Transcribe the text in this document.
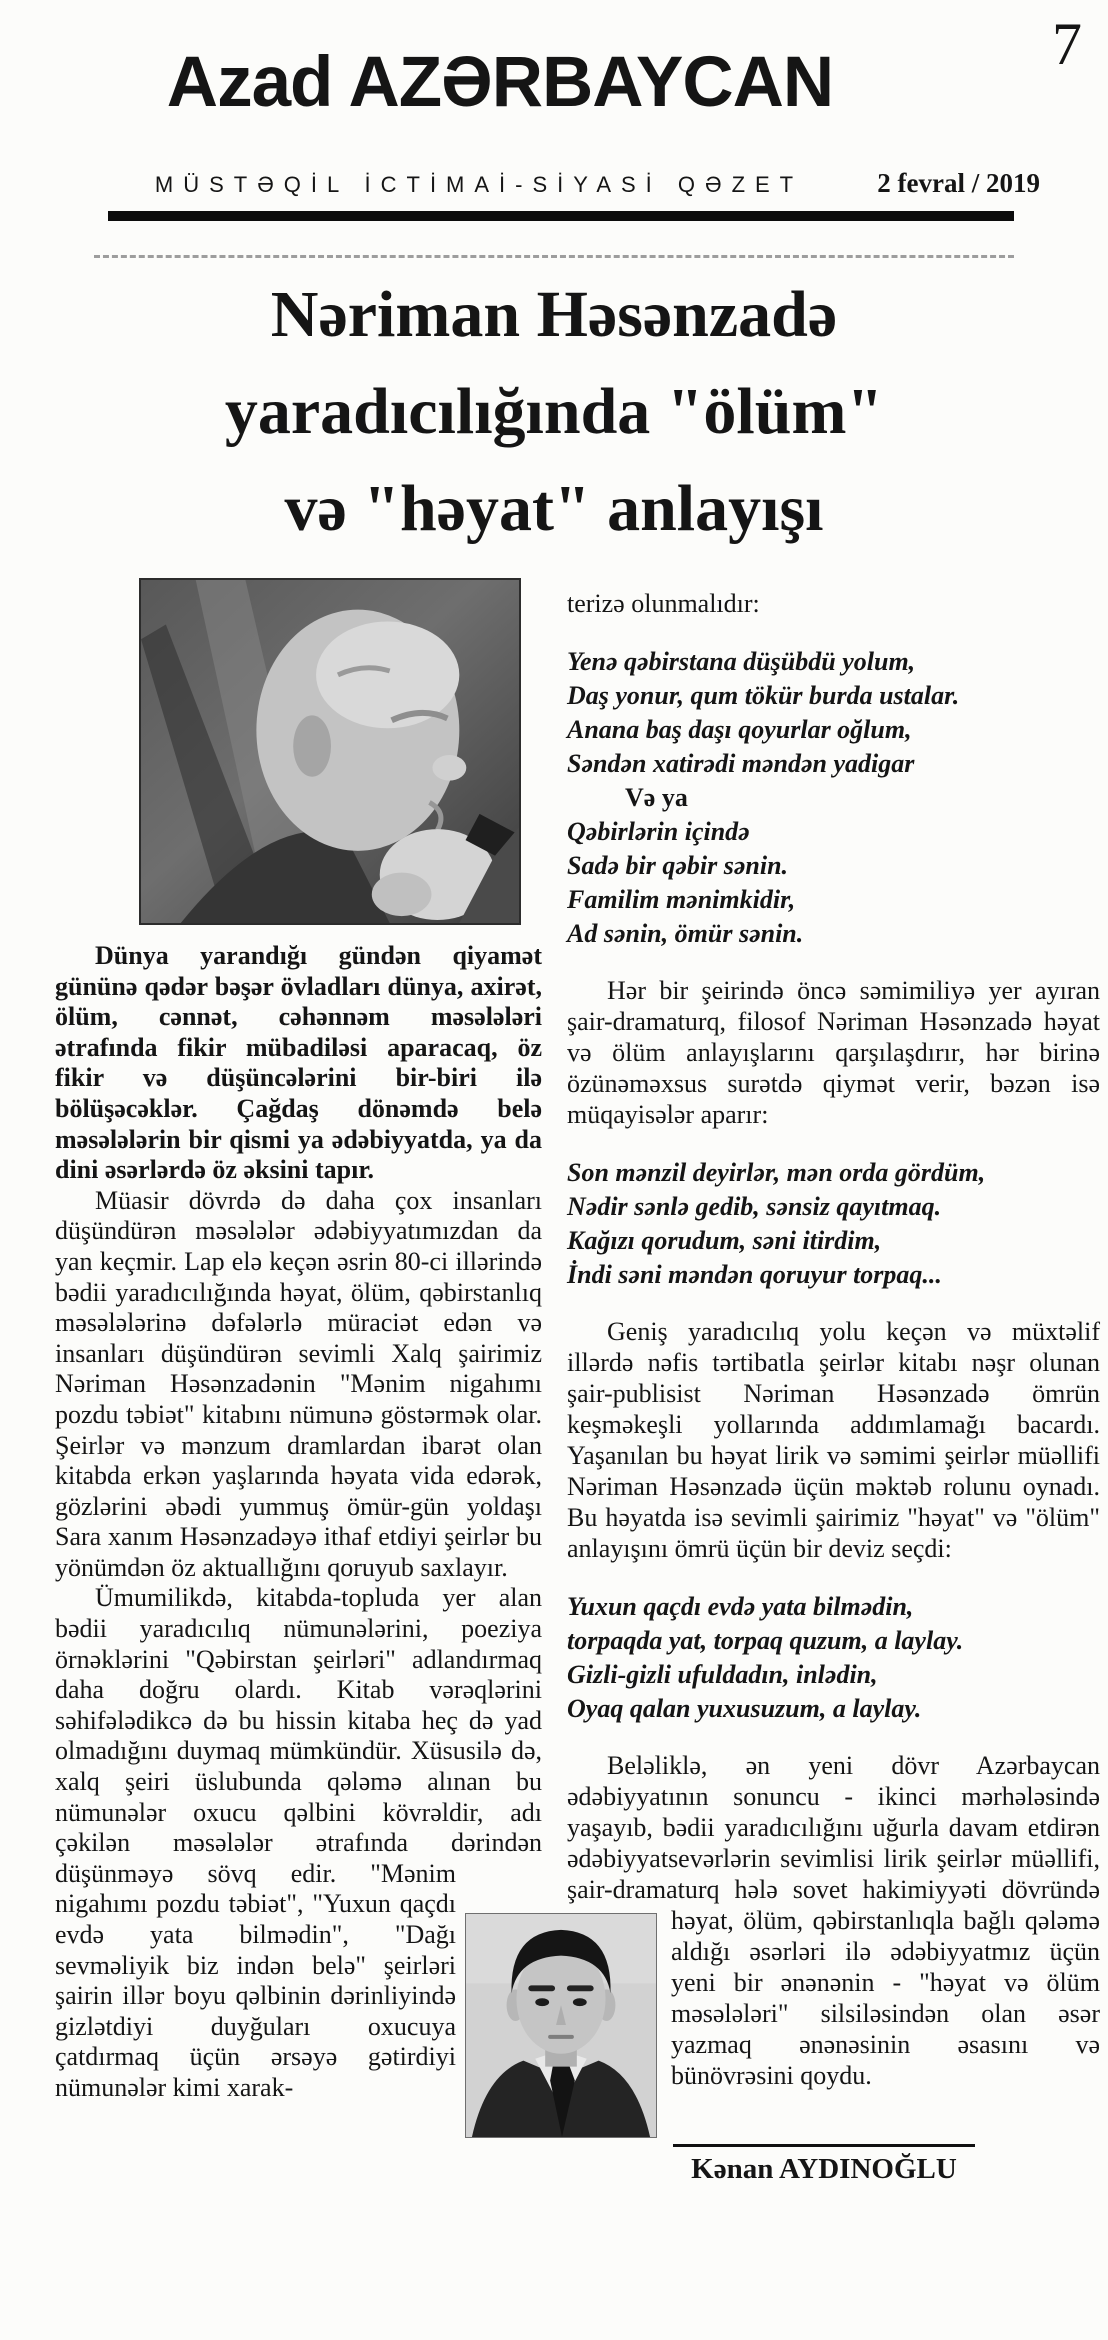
7
Azad AZƏRBAYCAN
MÜSTƏQİL İCTİMAİ-SİYASİ QƏZET	2 fevral / 2019
Nəriman Həsənzadə
yaradıcılığında "ölüm"
və "həyat" anlayışı

Dünya yarandığı gündən qiyamət gününə qədər bəşər övladları dünya, axirət, ölüm, cənnət, cəhənnəm məsələləri ətrafında fikir mübadiləsi aparacaq, öz fikir və düşüncələrini bir-biri ilə bölüşəcəklər. Çağdaş dönəmdə belə məsələlərin bir qismi ya ədəbiyyatda, ya da dini əsərlərdə öz əksini tapır.

Müasir dövrdə də daha çox insanları düşündürən məsələlər ədəbiyyatımızdan da yan keçmir. Lap elə keçən əsrin 80-ci illərində bədii yaradıcılığında həyat, ölüm, qəbirstanlıq məsələlərinə dəfələrlə müraciət edən və insanları düşündürən sevimli Xalq şairimiz Nəriman Həsənzadənin "Mənim nigahımı pozdu təbiət" kitabını nümunə göstərmək olar. Şeirlər və mənzum dramlardan ibarət olan kitabda erkən yaşlarında həyata vida edərək, gözlərini əbədi yummuş ömür-gün yoldaşı Sara xanım Həsənzadəyə ithaf etdiyi şeirlər bu yönümdən öz aktuallığını qoruyub saxlayır.

Ümumilikdə, kitabda-topluda yer alan bədii yaradıcılıq nümunələrini, poeziya örnəklərini "Qəbirstan şeirləri" adlandırmaq daha doğru olardı. Kitab vərəqlərini səhifələdikcə də bu hissin kitaba heç də yad olmadığını duymaq mümkündür. Xüsusilə də, xalq şeiri üslubunda qələmə alınan bu nümunələr oxucu qəlbini kövrəldir, adı çəkilən məsələlər ətrafında dərindən düşünməyə sövq edir.
"Mənim nigahımı pozdu təbiət", "Yuxun qaçdı evdə yata bilmədin", "Dağı sevməliyik biz indən belə" şeirləri şairin illər boyu qəlbinin dərinliyində gizlətdiyi duyğuları oxucuya çatdırmaq üçün ərsəyə gətirdiyi nümunələr kimi xarak-

terizə olunmalıdır:

Yenə qəbirstana düşübdü yolum,
Daş yonur, qum tökür burda ustalar.
Anana baş daşı qoyurlar oğlum,
Səndən xatirədi məndən yadigar
Və ya
Qəbirlərin içində
Sadə bir qəbir sənin.
Familim mənimkidir,
Ad sənin, ömür sənin.

Hər bir şeirində öncə səmimiliyə yer ayıran şair-dramaturq, filosof Nəriman Həsənzadə həyat və ölüm anlayışlarını qarşılaşdırır, hər birinə özünəməxsus surətdə qiymət verir, bəzən isə müqayisələr aparır:

Son mənzil deyirlər, mən orda gördüm,
Nədir sənlə gedib, sənsiz qayıtmaq.
Kağızı qorudum, səni itirdim,
İndi səni məndən qoruyur torpaq...

Geniş yaradıcılıq yolu keçən və müxtəlif illərdə nəfis tərtibatla şeirlər kitabı nəşr olunan şair-publisist Nəriman Həsənzadə ömrün keşməkeşli yollarında addımlamağı bacardı. Yaşanılan bu həyat lirik və səmimi şeirlər müəllifi Nəriman Həsənzadə üçün məktəb rolunu oynadı. Bu həyatda isə sevimli şairimiz "həyat" və "ölüm" anlayışını ömrü üçün bir deviz seçdi:

Yuxun qaçdı evdə yata bilmədin,
torpaqda yat, torpaq quzum, a laylay.
Gizli-gizli ufuldadın, inlədin,
Oyaq qalan yuxusuzum, a laylay.

Beləliklə, ən yeni dövr Azərbaycan ədəbiyyatının sonuncu - ikinci mərhələsində yaşayıb, bədii yaradıcılığını uğurla davam etdirən ədəbiyyatsevərlərin sevimlisi lirik şeirlər müəllifi, şair-dramaturq hələ sovet hakimiyyəti dövründə həyat, ölüm, qəbirstanlıqla bağlı
qələmə aldığı əsərləri ilə ədəbiyyatmız üçün yeni bir ənənənin - "həyat və ölüm məsələləri" silsiləsindən olan əsər yazmaq ənənəsinin əsasını və bünövrəsini qoydu.

Kənan AYDINOĞLU
